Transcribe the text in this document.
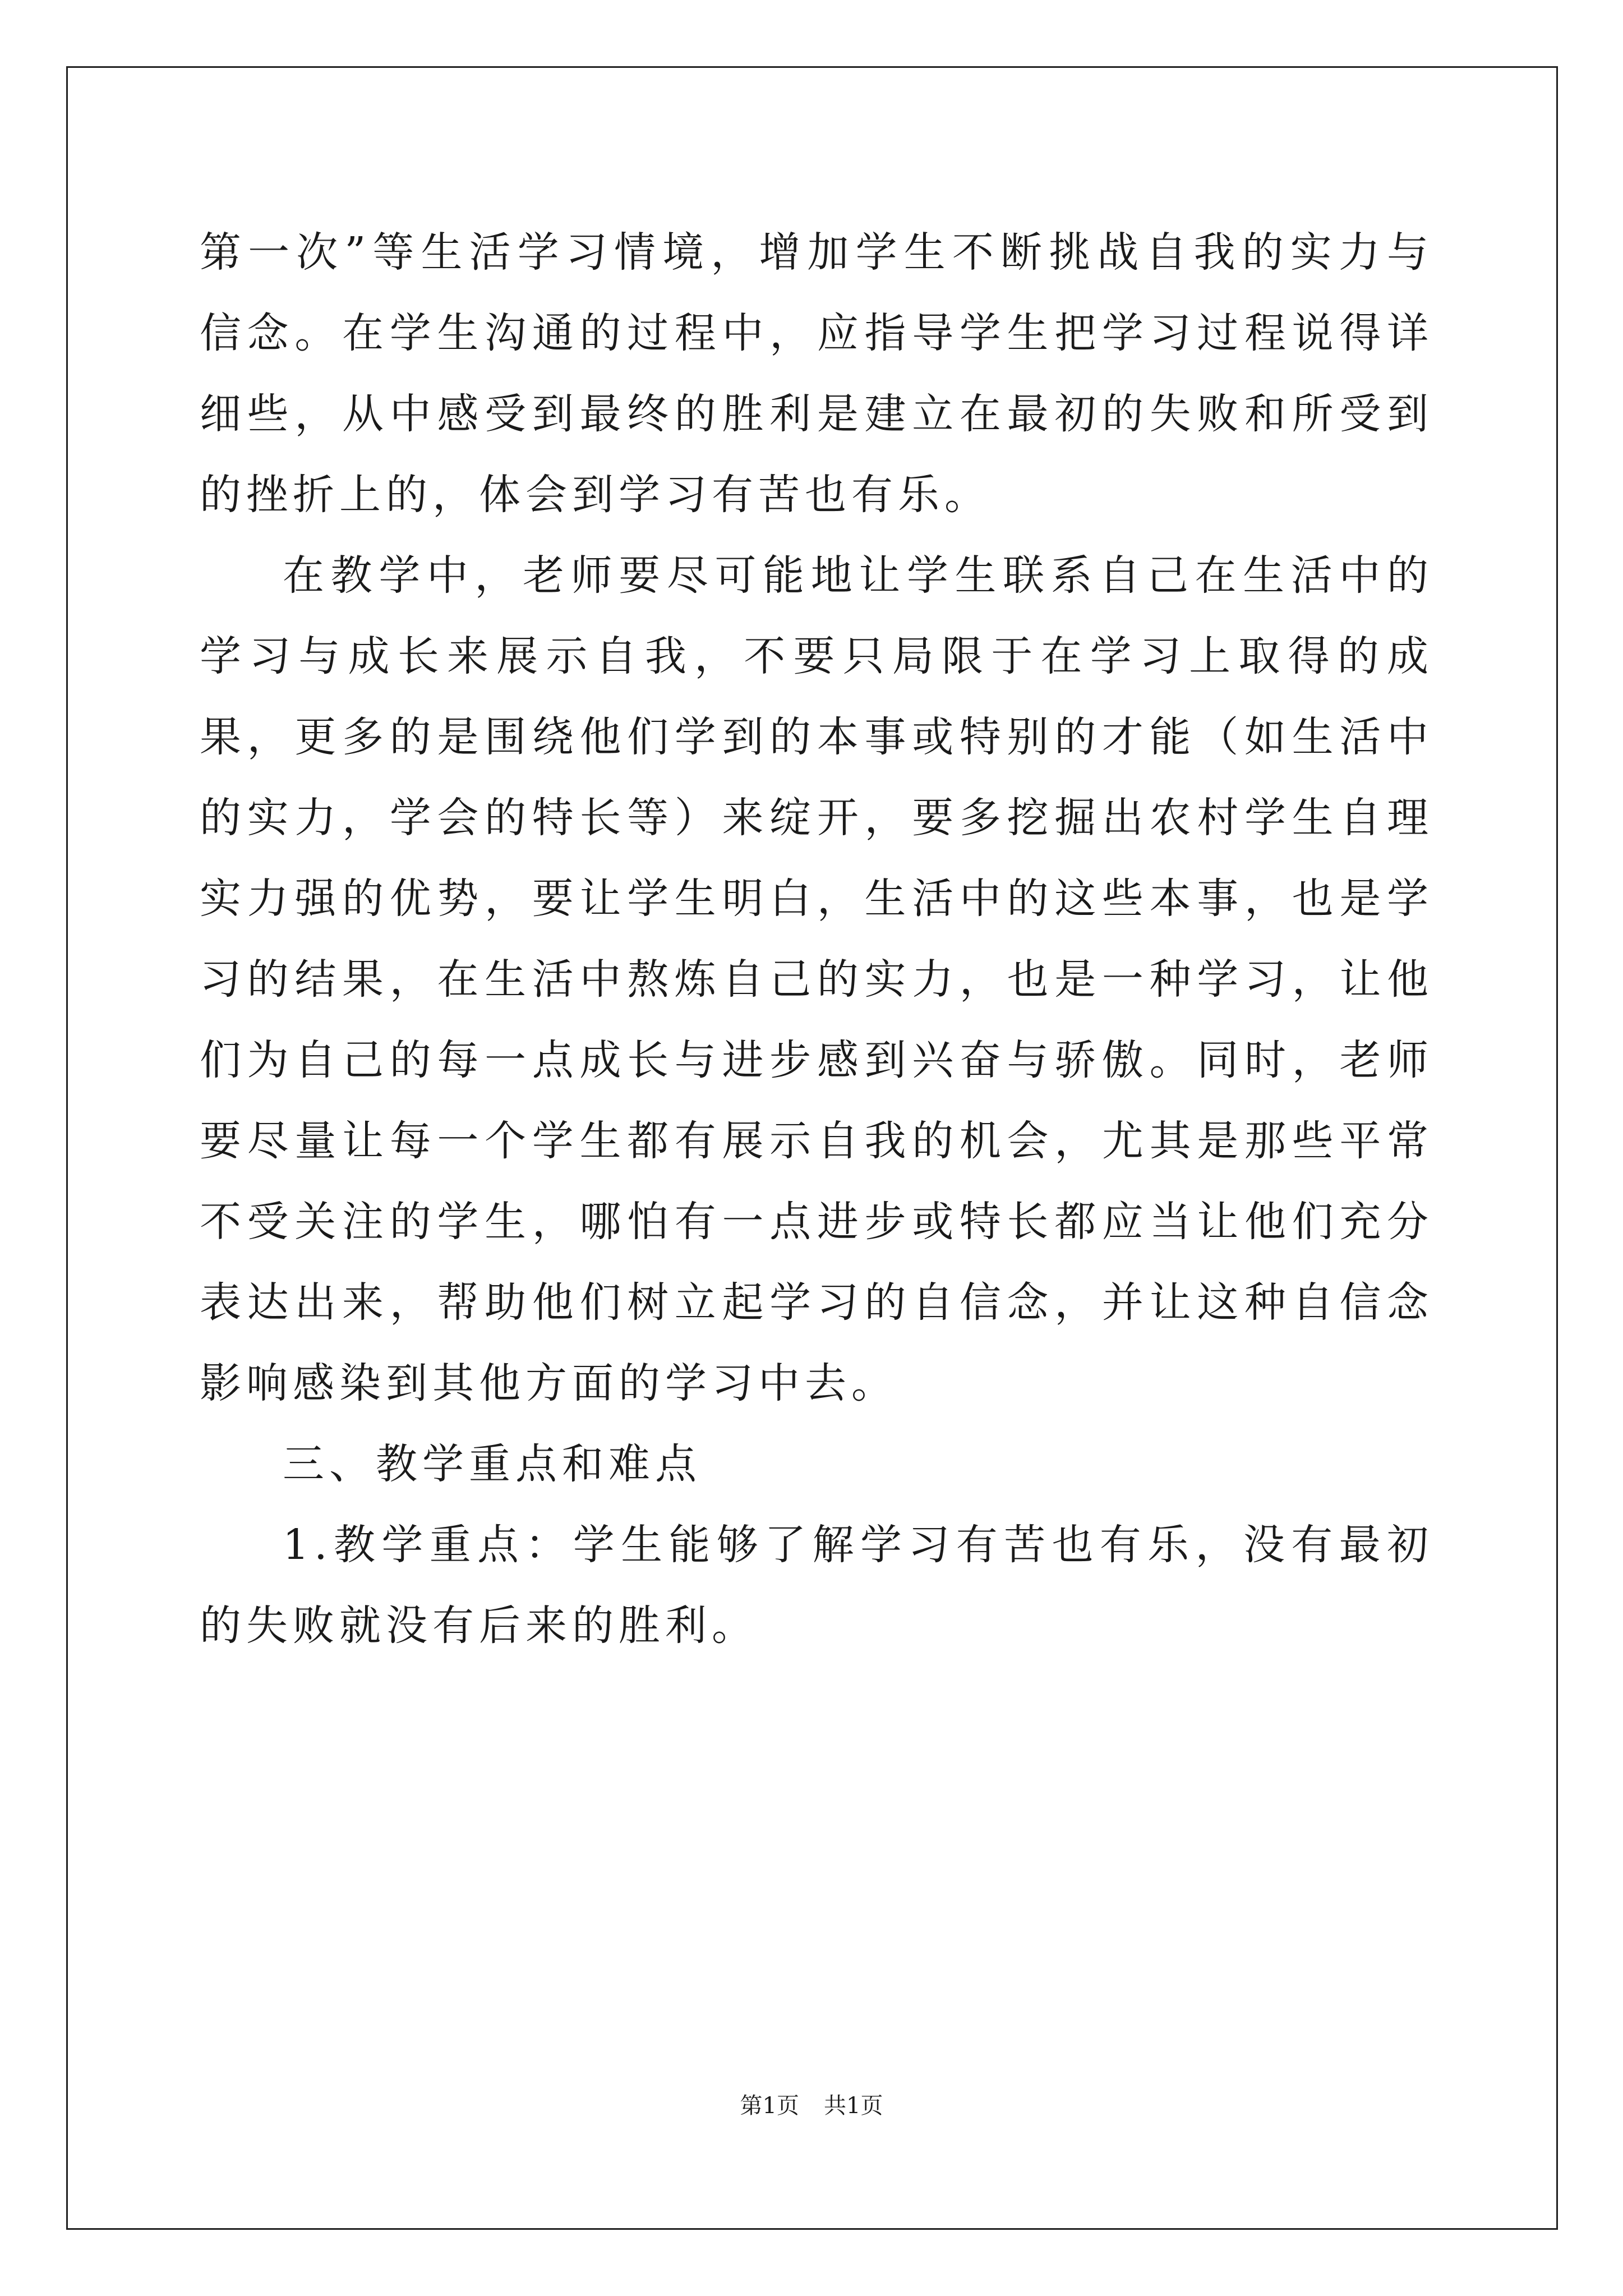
第一次”等生活学习情境，增加学生不断挑战自我的实力与信念。在学生沟通的过程中，应指导学生把学习过程说得详细些，从中感受到最终的胜利是建立在最初的失败和所受到的挫折上的，体会到学习有苦也有乐。

在教学中，老师要尽可能地让学生联系自己在生活中的学习与成长来展示自我，不要只局限于在学习上取得的成果，更多的是围绕他们学到的本事或特别的才能（如生活中的实力，学会的特长等）来绽开，要多挖掘出农村学生自理实力强的优势，要让学生明白，生活中的这些本事，也是学习的结果，在生活中熬炼自己的实力，也是一种学习，让他们为自己的每一点成长与进步感到兴奋与骄傲。同时，老师要尽量让每一个学生都有展示自我的机会，尤其是那些平常不受关注的学生，哪怕有一点进步或特长都应当让他们充分表达出来，帮助他们树立起学习的自信念，并让这种自信念影响感染到其他方面的学习中去。

三、教学重点和难点

1.教学重点：学生能够了解学习有苦也有乐，没有最初的失败就没有后来的胜利。

第1页 共1页
